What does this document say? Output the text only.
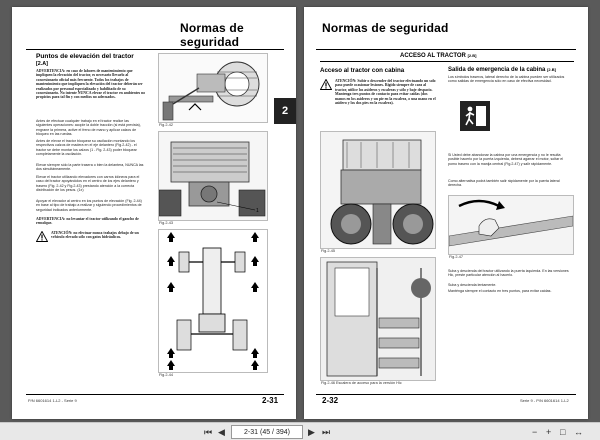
Normas de seguridad
2
Puntos de elevación del tractor
[2.A]
ADVERTENCIA: en caso de labores de mantenimiento que impliquen la elevación del tractor, es necesario llevarlo al concesionario oficial más frecuente. Todos los trabajos de mantenimiento que impliquen la elevación del tractor deberán ser realizados por personal especializado y habilitado de su concesionario. No intente NUNCA elevar el tractor en ambientes no propicios para tal fin y con medios no adecuados.
Antes de efectuar cualquier trabajo en el tractor realice las siguientes operaciones: acople la doble tracción (si está prevista), engrane la primera, active el freno de mano y aplicar calzos de bloqueo en las ruedas.
Antes de elevar el tractor bloquear su oscilación montando los respectivos calzos de madera en el eje delantero (Fig.2-42) - el tractor se debe montar los calzos (1 - Fig. 2-43) poder bloquear completamente la oscilación.
Elevar siempre sólo la parte trasera o bien la delantera, NUNCA las dos simultáneamente.
Elevar el tractor utilizando elevadores con carros idóneos para el caso del tractor apoyándolos en el centro de los ejes delantero y trasero (Fig. 2-42 y Fig.2-43) prestando atención a la correcta distribución de los pesos. (1x)
Apoyar el elevador al centro en los puntos de elevación (Fig. 2-44) en base al tipo de trabajo a realizar y siguiendo procedimientos de seguridad indicados anteriormente.
ADVERTENCIA: no levantar el tractor utilizando el gancho de remolque.
ATENCIÓN: no efectuar nunca trabajos debajo de un vehículo elevado sólo con gatos hidráulicos.
Fig.2-42
1
Fig.2-43
Fig.2-44
P/N 6601614 1-L2 - Serie 9	2-31
Normas de seguridad
ACCESO AL TRACTOR [2.B]
Acceso al tractor con cabina
ATENCIÓN: Subir o descender del tractor efectuando un solo paso puede ocasionar lesiones. Rígido siempre de cara al tractor, utilice los asideros y escaleras y sólo y baje despacio. Mantenga tres puntos de contacto para evitar caídas (dos manos en los asideros y un pie en la escalera, o una mano en el asidero y los dos pies en la escalera).
Fig.2-45
Fig.2-46 Escalera de acceso para la versión Hic
Salida de emergencia de la cabina [2.B]
Los símbolos traseros, lateral derecho de la cabina pueden ser utilizados como salidas de emergencia sólo en caso de efectiva necesidad.
Si Usted debe abandonar la cabina por una emergencia y no le resulta posible hacerlo por la puerta izquierda, deberá agarrar el motor, soltar el pomo trasero con la manija central (Fig.2-47) y salir rápidamente.
Como alternativa podrá también salir rápidamente por la puerta lateral derecha.
Fig.2-47
Suba y descienda del tractor utilizando la puerta izquierda. En las versiones Hic, preste particular atención al hacerlo.
Suba y descienda lentamente.
Manténga siempre el contacto en tres puntos, para evitar caídas.
2-32	Serie 9 - P/N 6601614 1-L2
⏮ ◀	2-31 (45 / 394)	▶ ⏭	− + □ ↔
